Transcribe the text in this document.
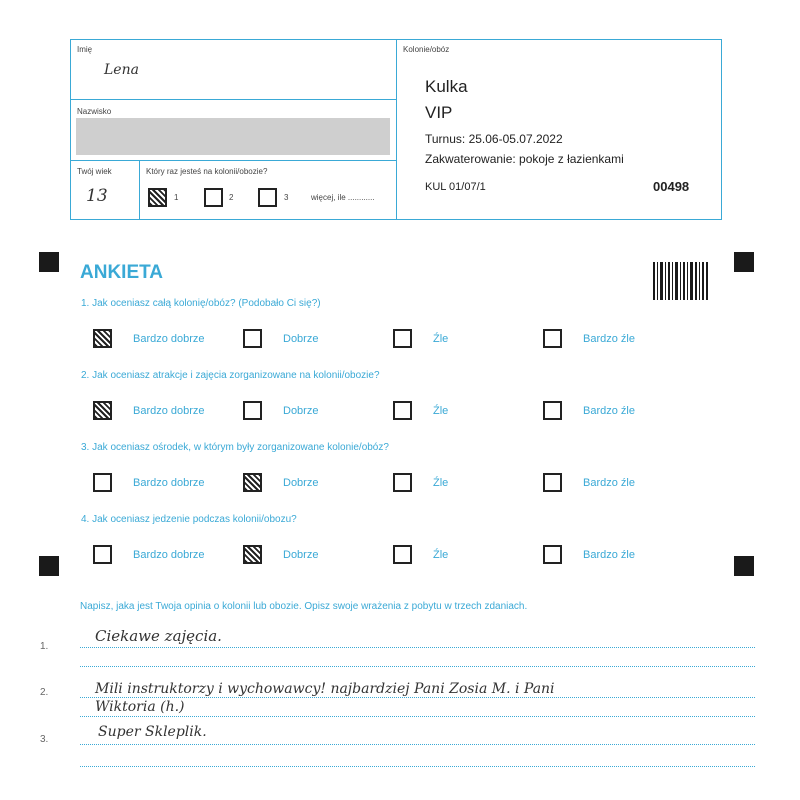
Imię
Lena
Nazwisko
Twój wiek
13
Który raz jesteś na kolonii/obozie?
1	2	3	więcej, ile ............
Kolonie/obóz
Kulka
VIP
Turnus: 25.06-05.07.2022
Zakwaterowanie: pokoje z łazienkami
KUL 01/07/1	00498
ANKIETA
1. Jak oceniasz całą kolonię/obóz? (Podobało Ci się?)
2. Jak oceniasz atrakcje i zajęcia zorganizowane na kolonii/obozie?
3. Jak oceniasz ośrodek, w którym były zorganizowane kolonie/obóz?
4. Jak oceniasz jedzenie podczas kolonii/obozu?
Bardzo dobrze	Dobrze	Źle	Bardzo źle
Bardzo dobrze	Dobrze	Źle	Bardzo źle
Bardzo dobrze	Dobrze	Źle	Bardzo źle
Bardzo dobrze	Dobrze	Źle	Bardzo źle
Napisz, jaka jest Twoja opinia o kolonii lub obozie. Opisz swoje wrażenia z pobytu w trzech zdaniach.
1.
Ciekawe zajęcia.
2.	Mili instruktorzy i wychowawcy! najbardziej Pani Zosia M. i Pani
Wiktoria (h.)
3.	Super Skleplik.
